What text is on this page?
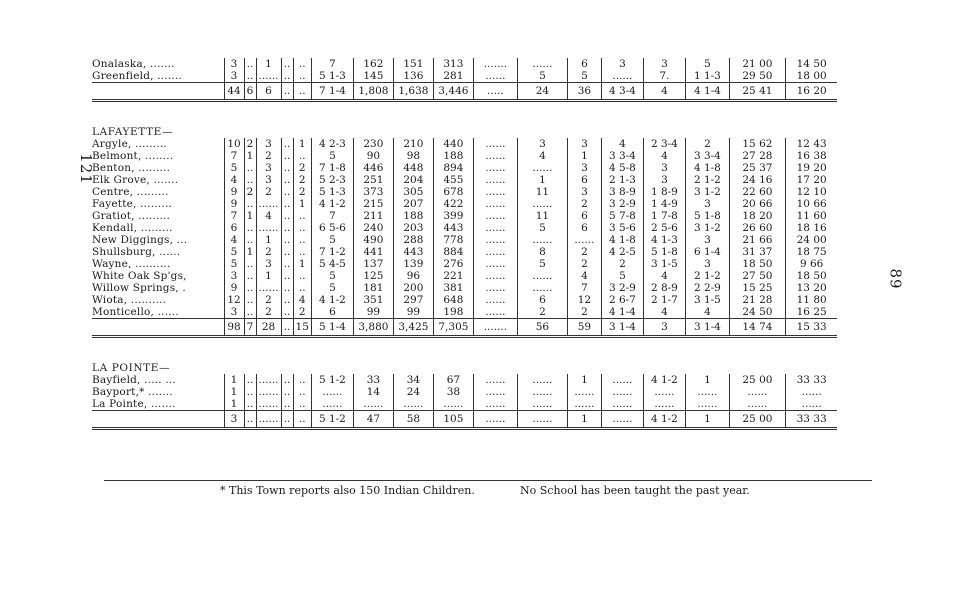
121
89
Onalaska, .......	3	..	1	..	..	7	162	151	313	.......	......	6	3	3	5	21 00	14 50
Greenfield, .......	3	..	......	..	..	5 1-3	145	136	281	......	5	5	......	7.	1 1-3	29 50	18 00
	44	6	6	..	..	7 1-4	1,808	1,638	3,446	.....	24	36	4 3-4	4	4 1-4	25 41	16 20

LAFAYETTE—																	
Argyle, .........	10	2	3	..	1	4 2-3	230	210	440	......	3	3	4	2 3-4	2	15 62	12 43
Belmont, ........	7	1	2	..	..	5	90	98	188	......	4	1	3 3-4	4	3 3-4	27 28	16 38
Benton, .........	5	..	3	..	2	7 1-8	446	448	894	......	......	3	4 5-8	3	4 1-8	25 37	19 20
Elk Grove, .......	4	..	3	..	2	5 2-3	251	204	455	......	1	6	2 1-3	3	2 1-2	24 16	17 20
Centre, .........	9	2	2	..	2	5 1-3	373	305	678	......	11	3	3 8-9	1 8-9	3 1-2	22 60	12 10
Fayette, .........	9	..	......	..	1	4 1-2	215	207	422	......	......	2	3 2-9	1 4-9	3	20 66	10 66
Gratiot, .........	7	1	4	..	..	7	211	188	399	......	11	6	5 7-8	1 7-8	5 1-8	18 20	11 60
Kendall, .........	6	..	......	..	..	6 5-6	240	203	443	......	5	6	3 5-6	2 5-6	3 1-2	26 60	18 16
New Diggings, ...	4	..	1	..	..	5	490	288	778	......	......	......	4 1-8	4 1-3	3	21 66	24 00
Shullsburg, ......	5	1	2	..	..	7 1-2	441	443	884	......	8	2	4 2-5	5 1-8	6 1-4	31 37	18 75
Wayne, ..........	5	..	3	..	1	5 4-5	137	139	276	......	5	2	2	3 1-5	3	18 50	9 66
White Oak Sp'gs,	3	..	1	..	..	5	125	96	221	......	......	4	5	4	2 1-2	27 50	18 50
Willow Springs, .	9	..	......	..	..	5	181	200	381	......	......	7	3 2-9	2 8-9	2 2-9	15 25	13 20
Wiota, ..........	12	..	2	..	4	4 1-2	351	297	648	......	6	12	2 6-7	2 1-7	3 1-5	21 28	11 80
Monticello, ......	3	..	2	..	2	6	99	99	198	......	2	2	4 1-4	4	4	24 50	16 25
	98	7	28	..	15	5 1-4	3,880	3,425	7,305	.......	56	59	3 1-4	3	3 1-4	14 74	15 33

LA POINTE—																	
Bayfield, ..... ...	1	..	......	..	..	5 1-2	33	34	67	......	......	1	......	4 1-2	1	25 00	33 33
Bayport,* .......	1	..	......	..	..	......	14	24	38	......	......	......	......	......	......	......	......
La Pointe, .......	1	..	......	..	..	......	......	......	......	......	......	......	......	......	......	......	......
	3	..	......	..	..	5 1-2	47	58	105	......	......	1	......	4 1-2	1	25 00	33 33
* This Town reports also 150 Indian Children.	No School has been taught the past year.
